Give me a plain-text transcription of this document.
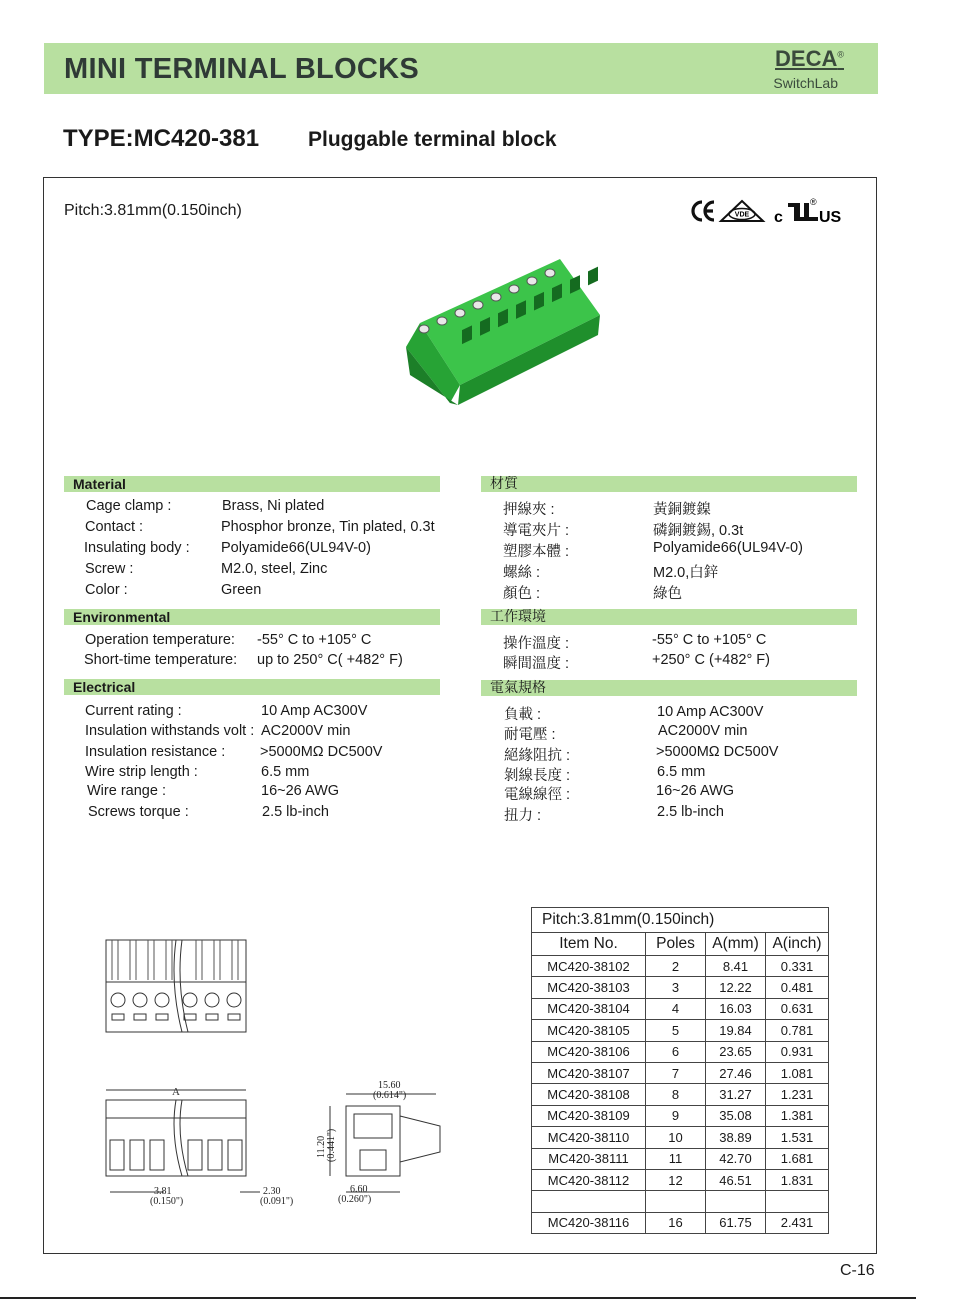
MINI TERMINAL BLOCKS	DECA®
SwitchLab
TYPE:MC420-381 Pluggable terminal block
Pitch:3.81mm(0.150inch)	VDE c US
®
Material
Cage clamp :	Brass, Ni plated
Contact :	Phosphor bronze, Tin plated, 0.3t
Insulating body : Polyamide66(UL94V-0)
Screw :	M2.0, steel, Zinc
Color :	Green
Environmental
Operation temperature: -55° C to +105° C
Short-time temperature: up to 250° C( +482° F)
Electrical
Current rating :	10 Amp AC300V
Insulation withstands volt : AC2000V min
Insulation resistance : >5000MΩ DC500V
Wire strip length :	6.5 mm
Wire range :	16~26 AWG
Screws torque :	2.5 lb-inch
材質
押線夾 :	黃銅鍍鎳
導電夾片 :	磷銅鍍錫, 0.3t
塑膠本體 :	Polyamide66(UL94V-0)
螺絲 :	M2.0,白鋅
顏色 :	綠色
工作環境
操作溫度 :	-55° C to +105° C
瞬間溫度 :	+250° C (+482° F)
電氣規格
負載 :	10 Amp AC300V
耐電壓 :	AC2000V min
絕緣阻抗 :	>5000MΩ DC500V
剝線長度 :	6.5 mm
電線線徑 :	16~26 AWG
扭力 :	2.5 lb-inch
A
3.81
(0.150")
2.30
(0.091")
15.60
(0.614")
11.20 (0.441")
6.60
(0.260")
Pitch:3.81mm(0.150inch)			
Item No.	Poles	A(mm)	A(inch)
MC420-38102	2	8.41	0.331
MC420-38103	3	12.22	0.481
MC420-38104	4	16.03	0.631
MC420-38105	5	19.84	0.781
MC420-38106	6	23.65	0.931
MC420-38107	7	27.46	1.081
MC420-38108	8	31.27	1.231
MC420-38109	9	35.08	1.381
MC420-38110	10	38.89	1.531
MC420-38111	11	42.70	1.681
MC420-38112	12	46.51	1.831

MC420-38116	16	61.75	2.431
C-16
